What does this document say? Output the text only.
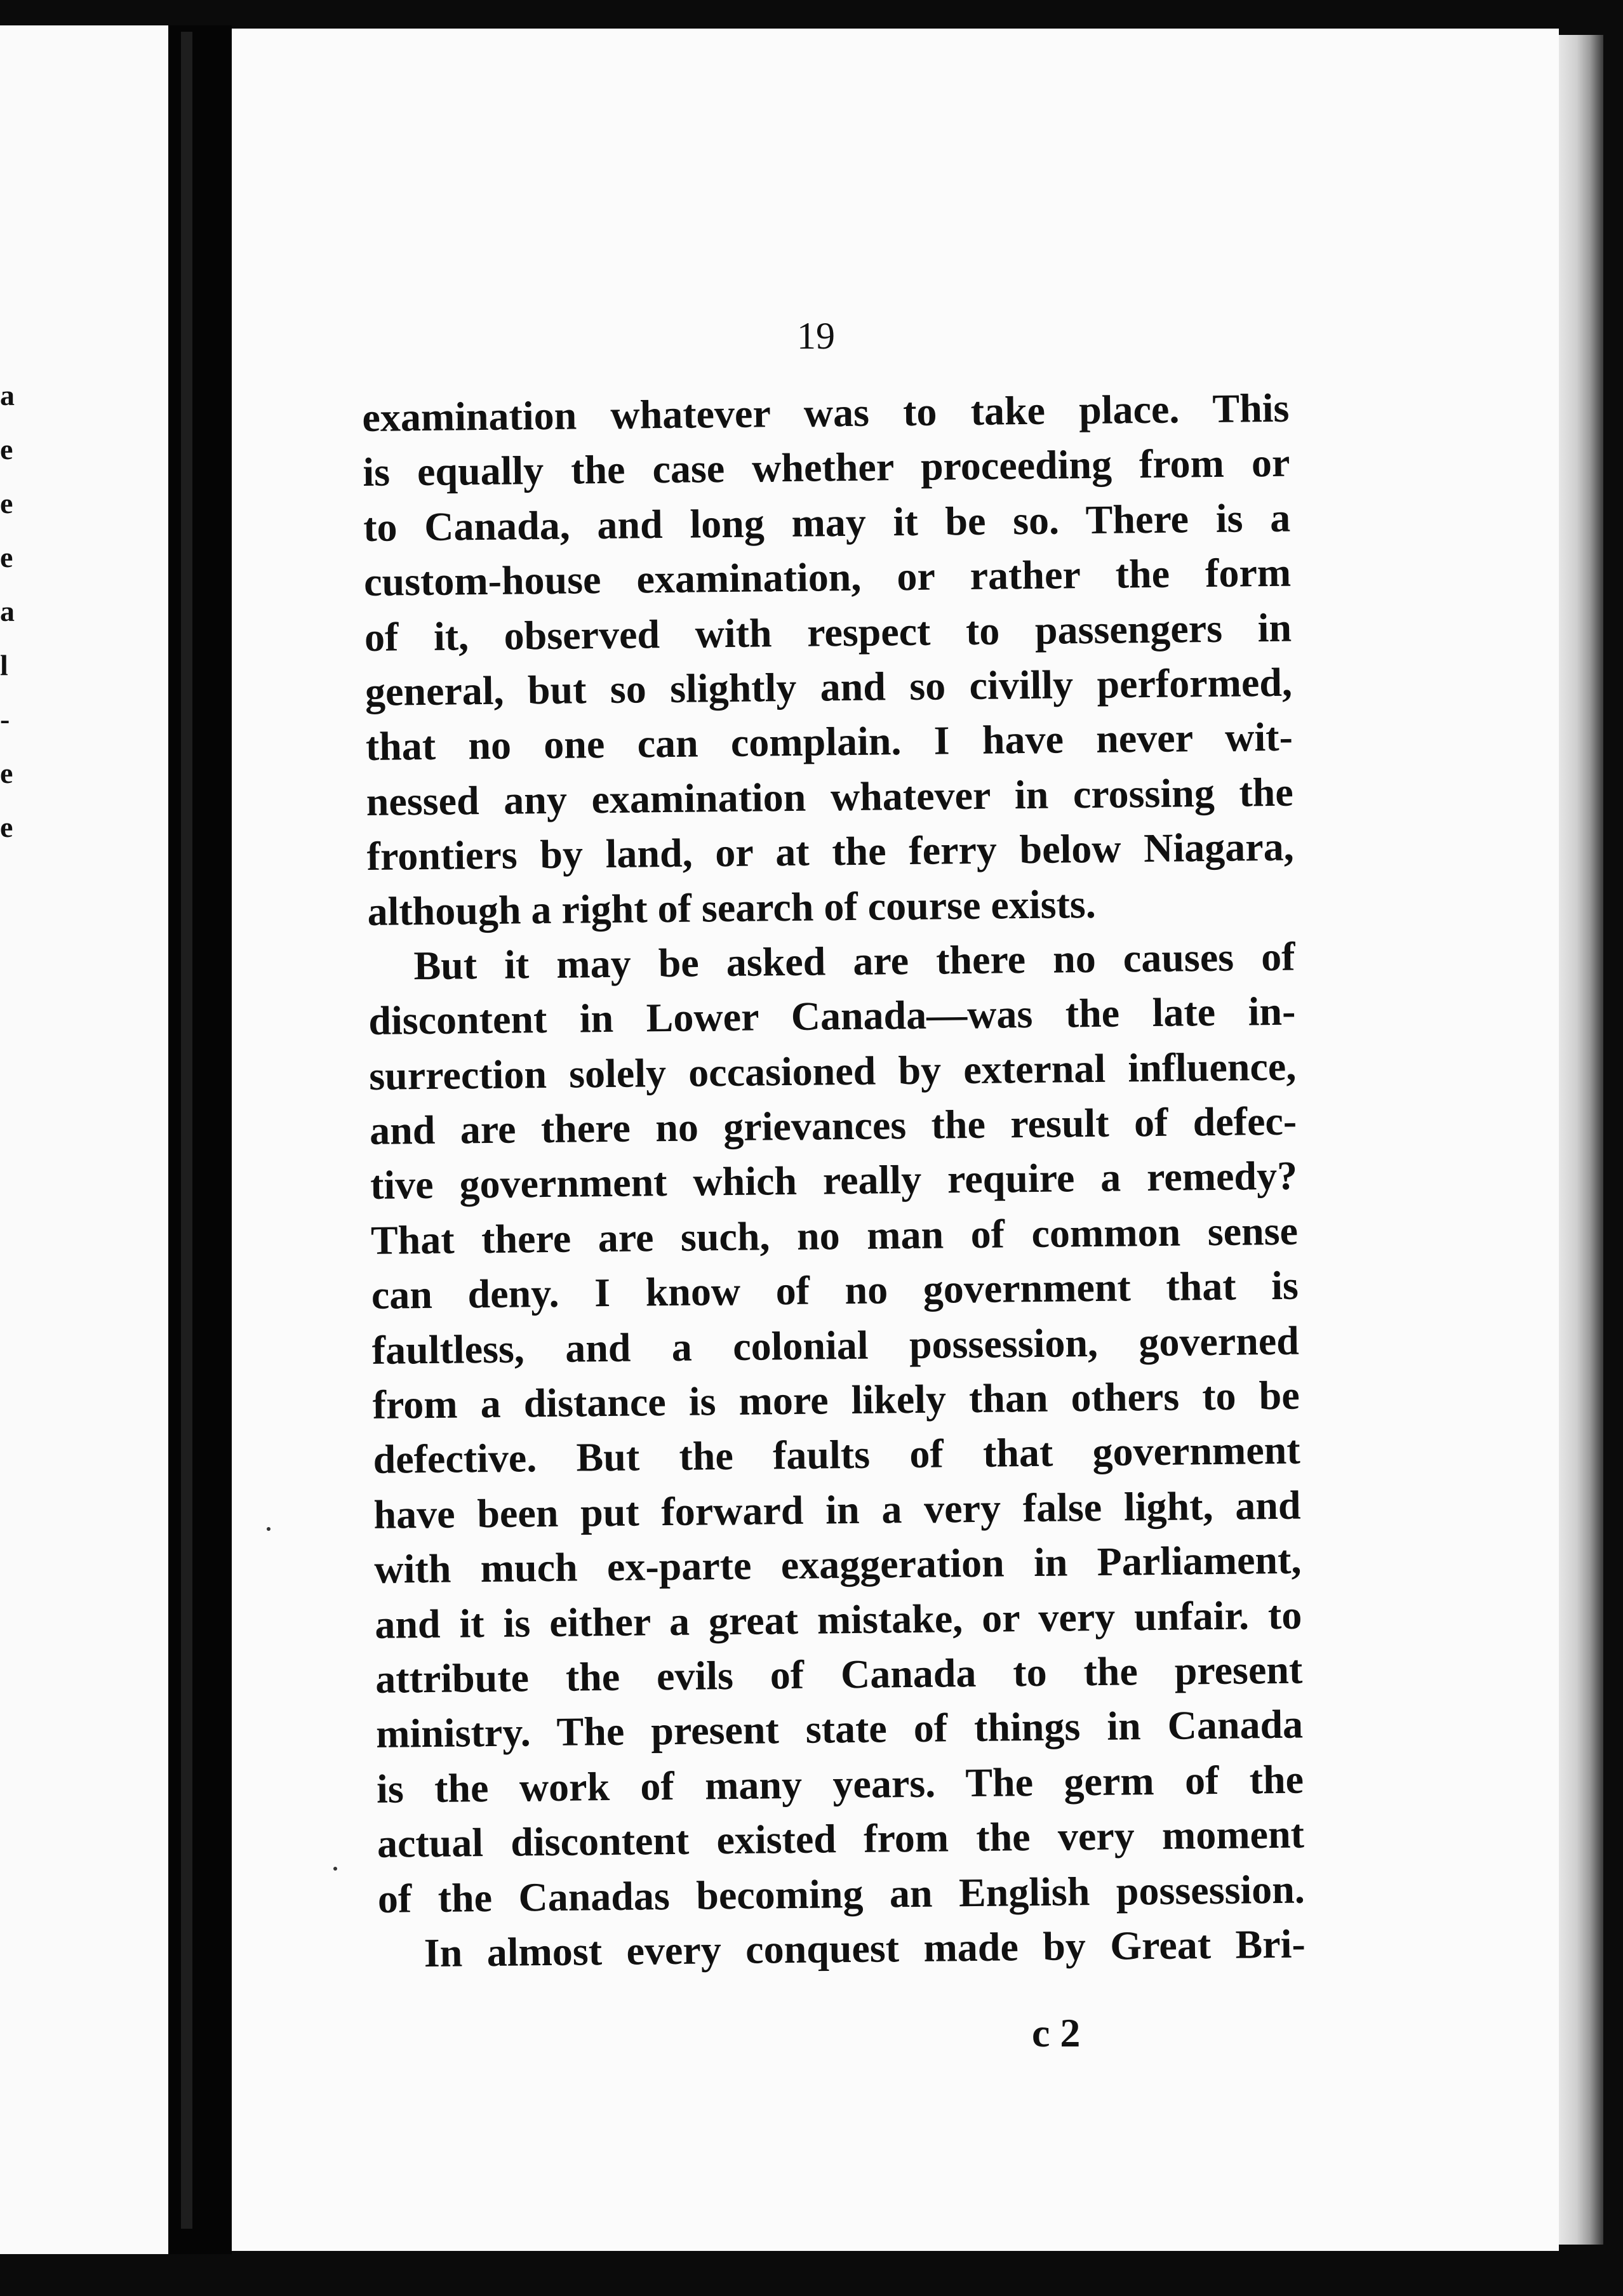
a
e
e
e
a
l
-
e
e
19
examination whatever was to take place. This
is equally the case whether proceeding from or
to Canada, and long may it be so. There is a
custom-house examination, or rather the form
of it, observed with respect to passengers in
general, but so slightly and so civilly performed,
that no one can complain. I have never wit-
nessed any examination whatever in crossing the
frontiers by land, or at the ferry below Niagara,
although a right of search of course exists.
But it may be asked are there no causes of
discontent in Lower Canada—was the late in-
surrection solely occasioned by external influence,
and are there no grievances the result of defec-
tive government which really require a remedy?
That there are such, no man of common sense
can deny. I know of no government that is
faultless, and a colonial possession, governed
from a distance is more likely than others to be
defective. But the faults of that government
have been put forward in a very false light, and
with much ex-parte exaggeration in Parliament,
and it is either a great mistake, or very unfair. to
attribute the evils of Canada to the present
ministry. The present state of things in Canada
is the work of many years. The germ of the
actual discontent existed from the very moment
of the Canadas becoming an English possession.
In almost every conquest made by Great Bri-
c 2
